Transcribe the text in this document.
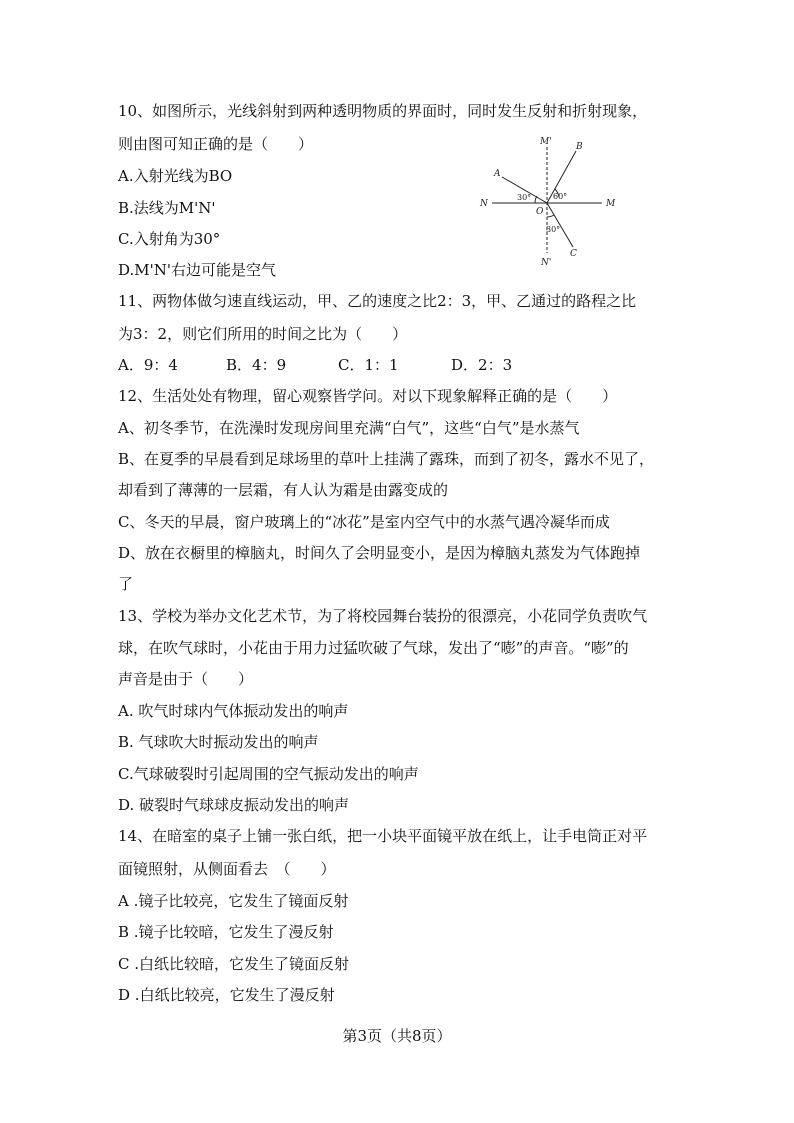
10、如图所示，光线斜射到两种透明物质的界面时，同时发生反射和折射现象，
则由图可知正确的是（　　）
A.入射光线为BO
B.法线为M'N'
C.入射角为30°
D.M'N'右边可能是空气
M'	B
A
N	M
O
C
N'
30°	60°
30°
11、两物体做匀速直线运动，甲、乙的速度之比2：3，甲、乙通过的路程之比
为3：2，则它们所用的时间之比为（　　）
A．9：4	B．4：9	C．1：1	D．2：3
12、生活处处有物理，留心观察皆学问。对以下现象解释正确的是（　　）
A、初冬季节，在洗澡时发现房间里充满“白气”，这些“白气”是水蒸气
B、在夏季的早晨看到足球场里的草叶上挂满了露珠，而到了初冬，露水不见了，
却看到了薄薄的一层霜，有人认为霜是由露变成的
C、冬天的早晨，窗户玻璃上的“冰花”是室内空气中的水蒸气遇冷凝华而成
D、放在衣橱里的樟脑丸，时间久了会明显变小，是因为樟脑丸蒸发为气体跑掉
了
13、学校为举办文化艺术节，为了将校园舞台装扮的很漂亮，小花同学负责吹气
球，在吹气球时，小花由于用力过猛吹破了气球，发出了“嘭”的声音。“嘭”的
声音是由于（　　）
A. 吹气时球内气体振动发出的响声
B. 气球吹大时振动发出的响声
C.气球破裂时引起周围的空气振动发出的响声
D. 破裂时气球球皮振动发出的响声
14、在暗室的桌子上铺一张白纸，把一小块平面镜平放在纸上，让手电筒正对平
面镜照射，从侧面看去　（　　）
A .镜子比较亮，它发生了镜面反射
B .镜子比较暗，它发生了漫反射
C .白纸比较暗，它发生了镜面反射
D .白纸比较亮，它发生了漫反射
第3页（共8页）
